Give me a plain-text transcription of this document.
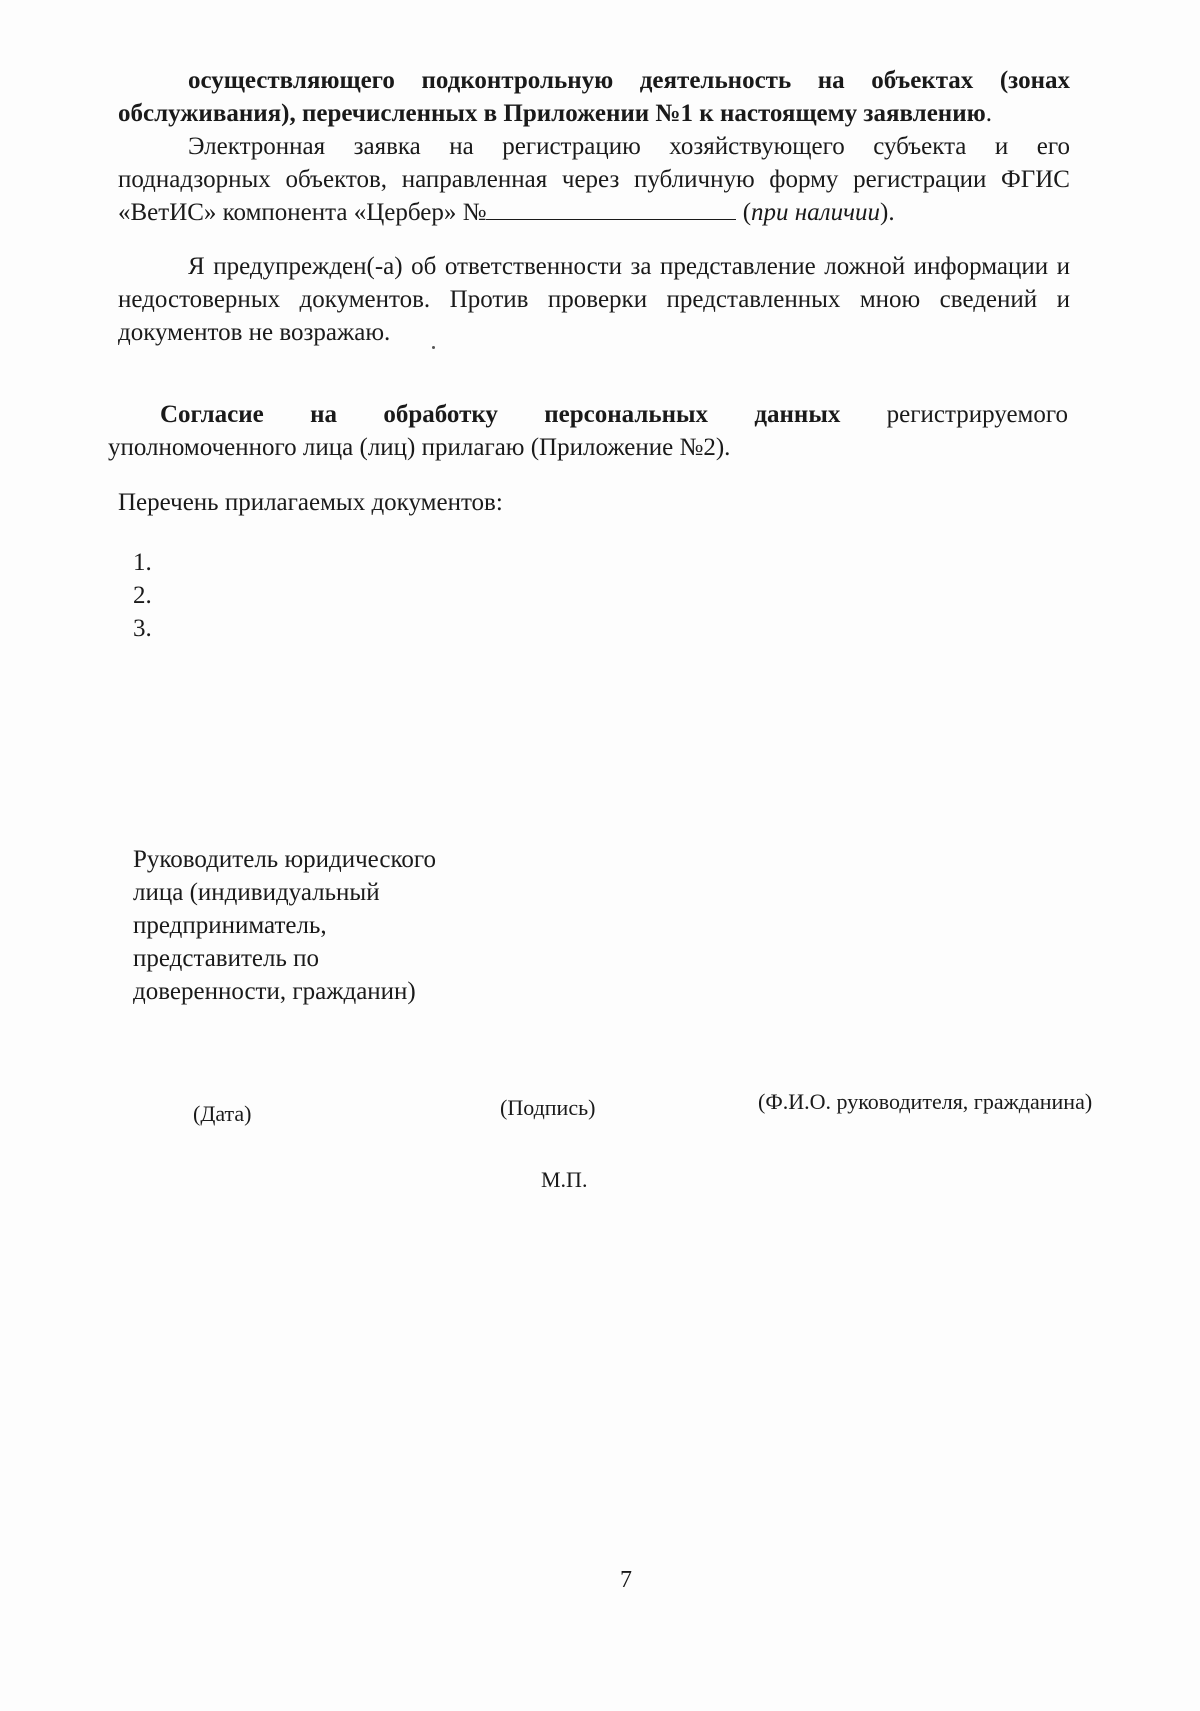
осуществляющего подконтрольную деятельность на объектах (зонах обслуживания), перечисленных в Приложении №1 к настоящему заявлению.
Электронная заявка на регистрацию хозяйствующего субъекта и его поднадзорных объектов, направленная через публичную форму регистрации ФГИС «ВетИС» компонента «Цербер» №	(при наличии).
Я предупрежден(-а) об ответственности за представление ложной информации и недостоверных документов. Против проверки представленных мною сведений и документов не возражаю.
Согласие на обработку персональных данных регистрируемого
уполномоченного лица (лиц) прилагаю (Приложение №2).
Перечень прилагаемых документов:
1.
2.
3.
Руководитель юридического
лица (индивидуальный
предприниматель,
представитель по
доверенности, гражданин)
(Дата)	(Подпись)	(Ф.И.О. руководителя, гражданина)
М.П.
7
